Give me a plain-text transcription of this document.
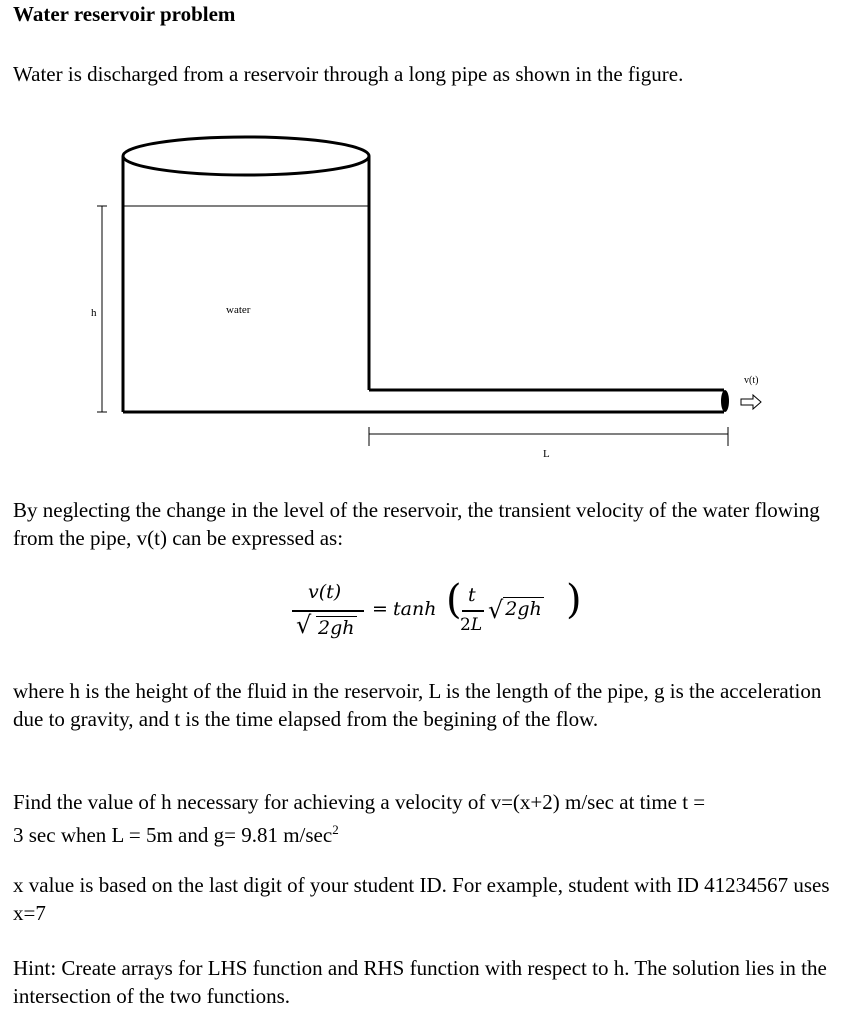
Water reservoir problem

Water is discharged from a reservoir through a long pipe as shown in the figure.

h	water
v(t)
L

By neglecting the change in the level of the reservoir, the transient velocity of the water flowing from the pipe, v(t) can be expressed as:

v(t)
√ 2gh
= tanh ( t
2L
√ 2gh )

where h is the height of the fluid in the reservoir, L is the length of the pipe, g is the acceleration due to gravity, and t is the time elapsed from the begining of the flow.

Find the value of h necessary for achieving a velocity of v=(x+2) m/sec at time t =
3 sec when L = 5m and g= 9.81 $m/\sec^2$

x value is based on the last digit of your student ID. For example, student with ID 41234567 uses x=7

Hint: Create arrays for LHS function and RHS function with respect to h. The solution lies in the intersection of the two functions.
